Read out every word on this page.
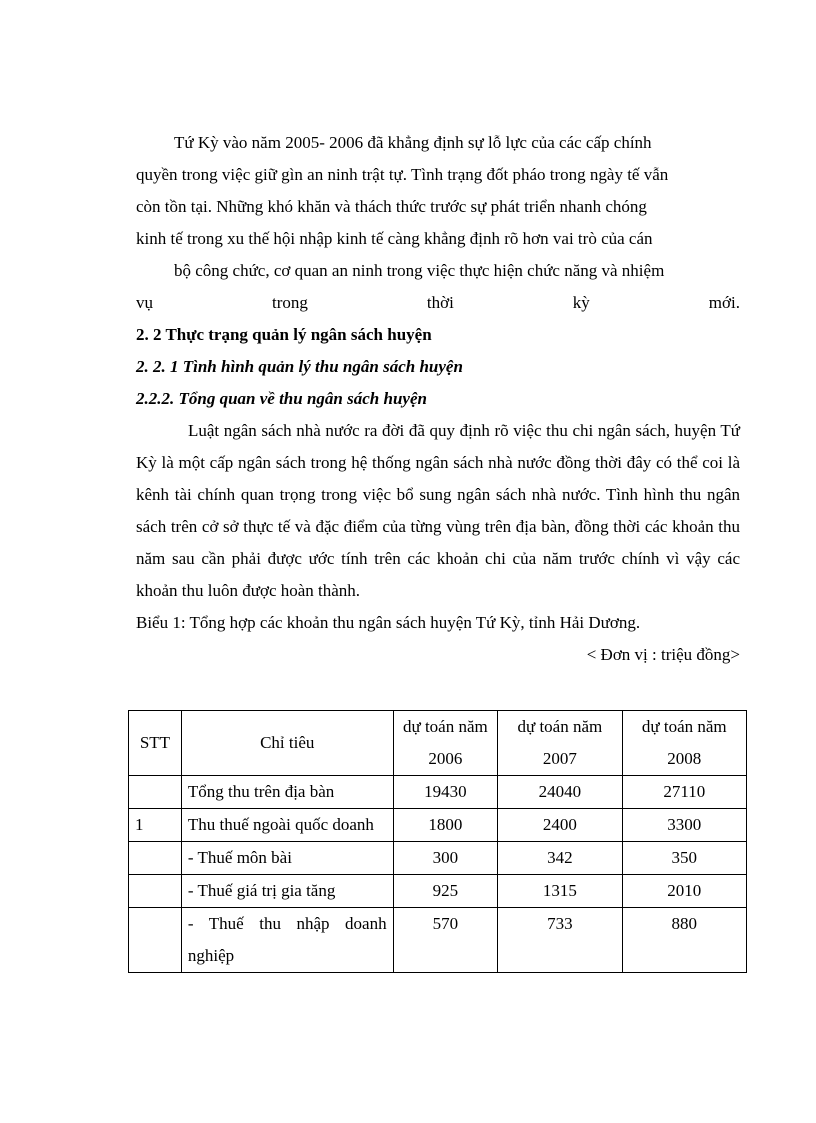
Tứ Kỳ vào năm 2005- 2006 đã khẳng định sự lỗ lực của các cấp chính

quyền trong việc giữ gìn an ninh trật tự. Tình trạng đốt pháo trong ngày tế vẫn

còn tồn tại. Những khó khăn và thách thức trước sự phát triển nhanh chóng

kinh tế trong xu thế hội nhập kinh tế càng khẳng định rõ hơn vai trò của cán

bộ công chức, cơ quan an ninh trong việc thực hiện chức năng và nhiệm

vụ	trong	thời	kỳ	mới.
2. 2 Thực trạng quản lý ngân sách huyện
2. 2. 1 Tình hình quản lý thu ngân sách huyện
2.2.2. Tổng quan về thu ngân sách huyện

Luật ngân sách nhà nước ra đời đã quy định rõ việc thu chi ngân sách, huyện Tứ Kỳ là một cấp ngân sách trong hệ thống ngân sách nhà nước đồng thời đây có thể coi là kênh tài chính quan trọng trong việc bổ sung ngân sách nhà nước. Tình hình thu ngân sách trên cở sở thực tế và đặc điểm của từng vùng trên địa bàn, đồng thời các khoản thu năm sau cần phải được ước tính trên các khoản chi của năm trước chính vì vậy các khoản thu luôn được hoàn thành.

Biểu 1: Tổng hợp các khoản thu ngân sách huyện Tứ Kỳ, tỉnh Hải Dương.

< Đơn vị : triệu đồng>
STT	Chỉ tiêu	dự toán năm 2006	dự toán năm 2007	dự toán năm 2008
	Tổng thu trên địa bàn	19430	24040	27110
1	Thu thuế ngoài quốc doanh	1800	2400	3300
	- Thuế môn bài	300	342	350
	- Thuế giá trị gia tăng	925	1315	2010
	- Thuế thu nhập doanh nghiệp	570	733	880
